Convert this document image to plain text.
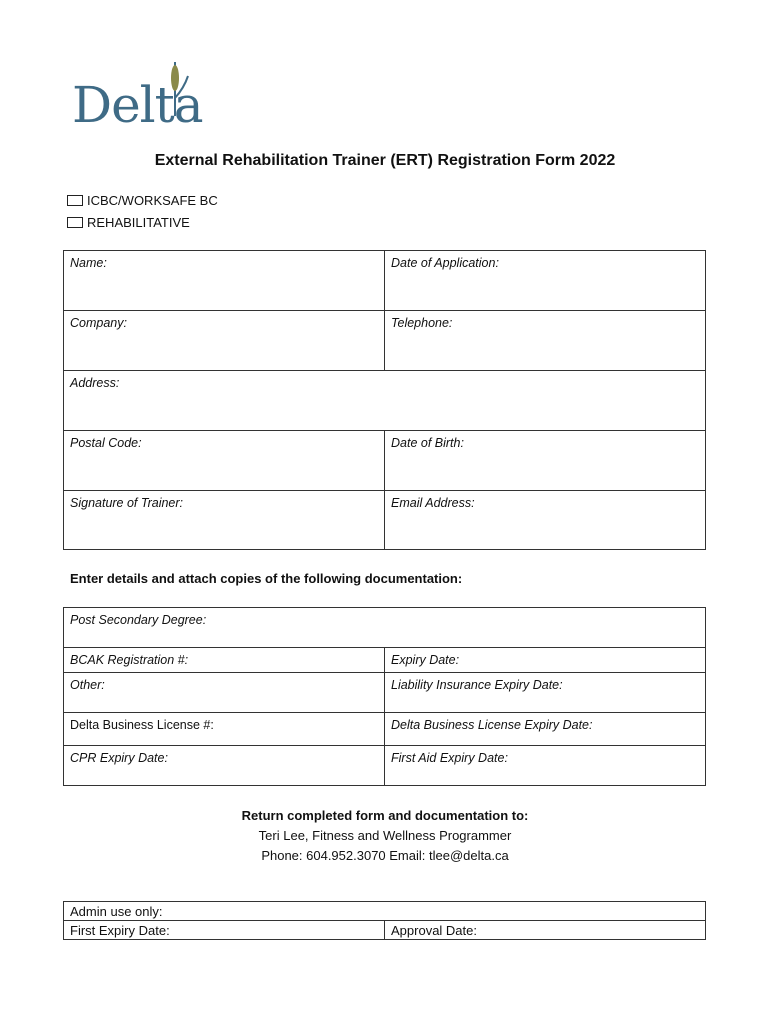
Delta
External Rehabilitation Trainer (ERT) Registration Form 2022
ICBC/WORKSAFE BC
REHABILITATIVE
Name:	Date of Application:
Company:	Telephone:
Address:	
Postal Code:	Date of Birth:
Signature of Trainer:	Email Address:
Enter details and attach copies of the following documentation:
Post Secondary Degree:	
BCAK Registration #:	Expiry Date:
Other:	Liability Insurance Expiry Date:
Delta Business License #:	Delta Business License Expiry Date:
CPR Expiry Date:	First Aid Expiry Date:
Return completed form and documentation to:
Teri Lee, Fitness and Wellness Programmer
Phone: 604.952.3070 Email: tlee@delta.ca
Admin use only:
First Expiry Date:	Approval Date:
